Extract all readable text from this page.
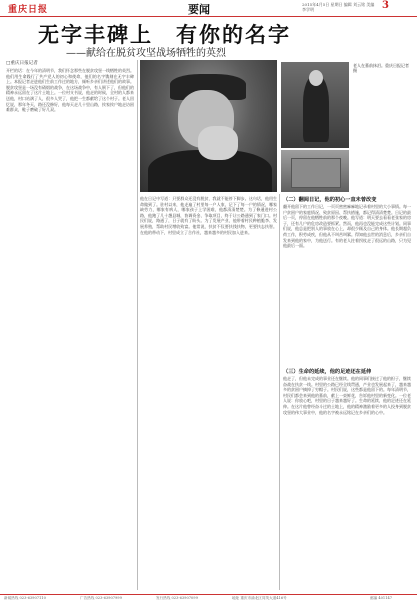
重庆日报	要闻	2015年4月5日 星期日 编辑 刘云铭 美编 李学明	3
无字丰碑上　有你的名字
——献给在脱贫攻坚战场牺牲的英烈
□重庆日报记者	老人在墓前抹泪。重庆日报记者 摄
开栏的话：在今年的清明节，我们怀念那些在脱贫攻坚一线牺牲的英烈。他们用生命践行了共产党人的初心和使命，他们的名字镌刻在无字丰碑上。本报记者走进他们生前工作过的地方，倾听乡亲们讲述他们的故事。脱贫攻坚是一场没有硝烟的战争，在这场战争中，有人倒下了，但他们的精神永远留在了这片土地上。一位村支书说，他走的时候，全村的人都来送他，村口站满了人，很多人哭了，他把一生都献给了这个村子。老人回忆说，那年冬天，路还没修好，他每天走几十里山路，挨家挨户地走访困难群众，鞋子磨破了好几双。
他在日记中写道：只要群众还没有脱贫，我就不能停下脚步。这句话，他用生命做到了。驻村以来，他走遍了村里每一户人家，记下了每一户的情况，哪家缺劳力，哪家有病人，哪家孩子上学困难，他都清清楚楚。为了修通进村公路，他跑了几十趟县城，协调资金、争取项目，终于让公路通到了家门口。村民们说，路通了，日子就有了盼头。为了发展产业，他带着村民种植脆李、发展养殖，帮助村民增收致富。他常说，扶贫不仅要扶钱扶物，更要扶志扶智。在他的带动下，村里成立了合作社，越来越多的村民加入进来。
（二）翻阅日记，他的初心一直未曾改变
翻开他留下的工作日记，一页页密密麻麻地记录着村里的大小事情。每一户贫困户的家庭情况、致贫原因、帮扶措施，都记得清清楚楚。日记的最后一页，停留在他牺牲前的那个夜晚。他写道：明天要去看看老张家的房子，还有几户的危房改造要抓紧。然而，他再也没能完成这些计划。同事们说，他总是把别人的事放在心上，却很少顾及自己的身体。他长期超负荷工作，积劳成疾，但他从不叫苦叫累。得知他去世的消息后，乡亲们自发来到他的家中，为他送行。有的老人拄着拐杖走了很远的山路，只为见他最后一面。
（三）生命的延续，他的足迹还在延伸
他走了，但他未完成的事业还在继续。他的同事们接过了他的担子，继续奋战在扶贫一线。村里的公路已经全线贯通，产业也发展起来了，越来越多的贫困户摘掉了穷帽子。村民们说，这些都是他留下的。每年清明节，村民们都会来到他的墓前，献上一束鲜花，告诉他村里的新变化。一位老人说：你放心吧，村里的日子越来越好了。生命的延续，他的足迹还在延伸。在这片他曾经奋斗过的土地上，他的精神激励着更多的人投身到脱贫攻坚的伟大事业中，他的名字被永远铭记在乡亲们的心中。
新闻热线 023-63907110	广告热线 023-63907999	发行热线 023-63907099	地址 重庆市渝北区同茂大道416号	邮编 401147
